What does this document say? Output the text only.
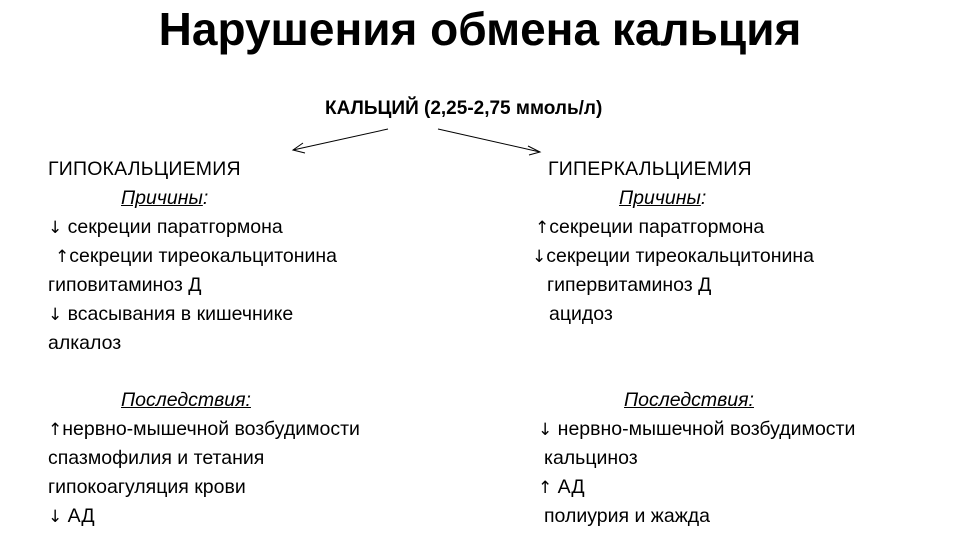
Нарушения обмена кальция
КАЛЬЦИЙ (2,25-2,75 ммоль/л)
ГИПОКАЛЬЦИЕМИЯ
Причины:
↓ секреции паратгормона
↑секреции тиреокальцитонина
гиповитаминоз Д
↓ всасывания в кишечнике
алкалоз
Последствия:
↑нервно-мышечной возбудимости
спазмофилия и тетания
гипокоагуляция крови
↓ АД
ГИПЕРКАЛЬЦИЕМИЯ
Причины:
↑секреции паратгормона
↓секреции тиреокальцитонина
гипервитаминоз Д
ацидоз
Последствия:
↓ нервно-мышечной возбудимости
кальциноз
↑ АД
полиурия и жажда
